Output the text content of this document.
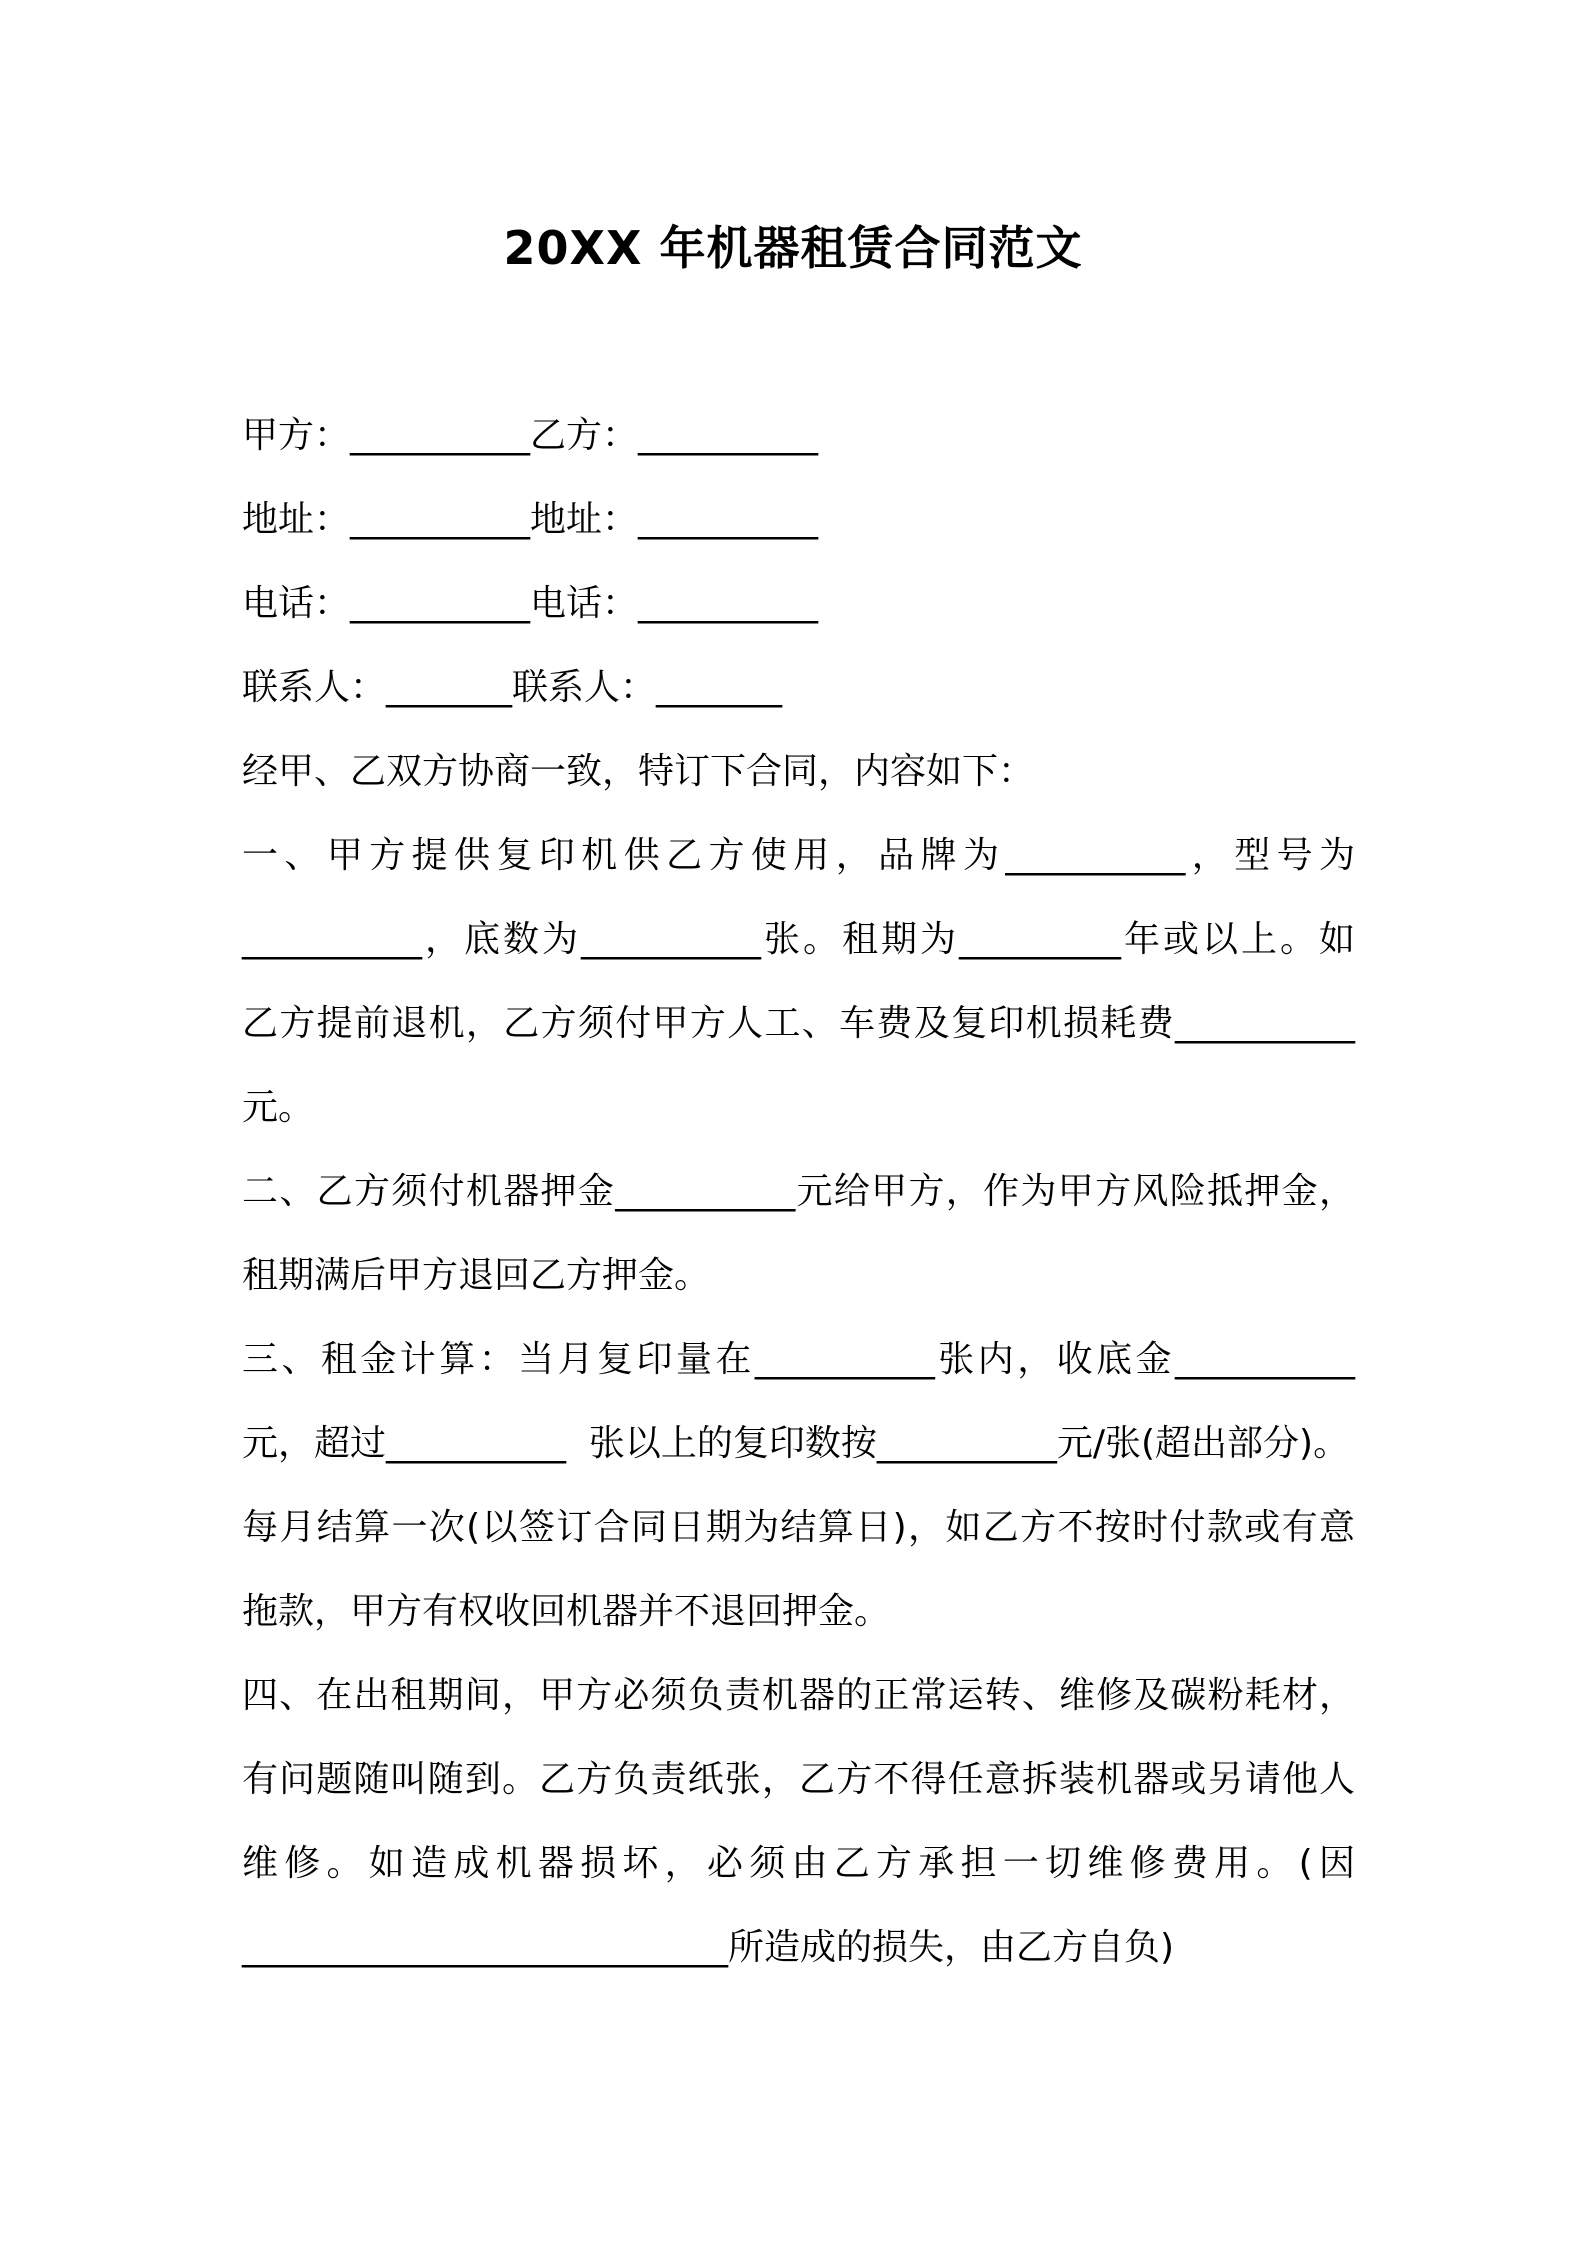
20XX 年机器租赁合同范文
甲方：__________乙方：__________
地址：__________地址：__________
电话：__________电话：__________
联系人：_______联系人：_______
经甲、乙双方协商一致，特订下合同，内容如下：
一、甲方提供复印机供乙方使用，品牌为__________，型号为
__________，底数为__________张。租期为_________年或以上。如
乙方提前退机，乙方须付甲方人工、车费及复印机损耗费__________
元。
二、乙方须付机器押金__________元给甲方，作为甲方风险抵押金，
租期满后甲方退回乙方押金。
三、租金计算：当月复印量在__________张内，收底金__________
元，超过__________  张以上的复印数按__________元/张(超出部分)。
每月结算一次(以签订合同日期为结算日)，如乙方不按时付款或有意
拖款，甲方有权收回机器并不退回押金。
四、在出租期间，甲方必须负责机器的正常运转、维修及碳粉耗材，
有问题随叫随到。乙方负责纸张，乙方不得任意拆装机器或另请他人
维修。如造成机器损坏，必须由乙方承担一切维修费用。(因
___________________________所造成的损失，由乙方自负)
